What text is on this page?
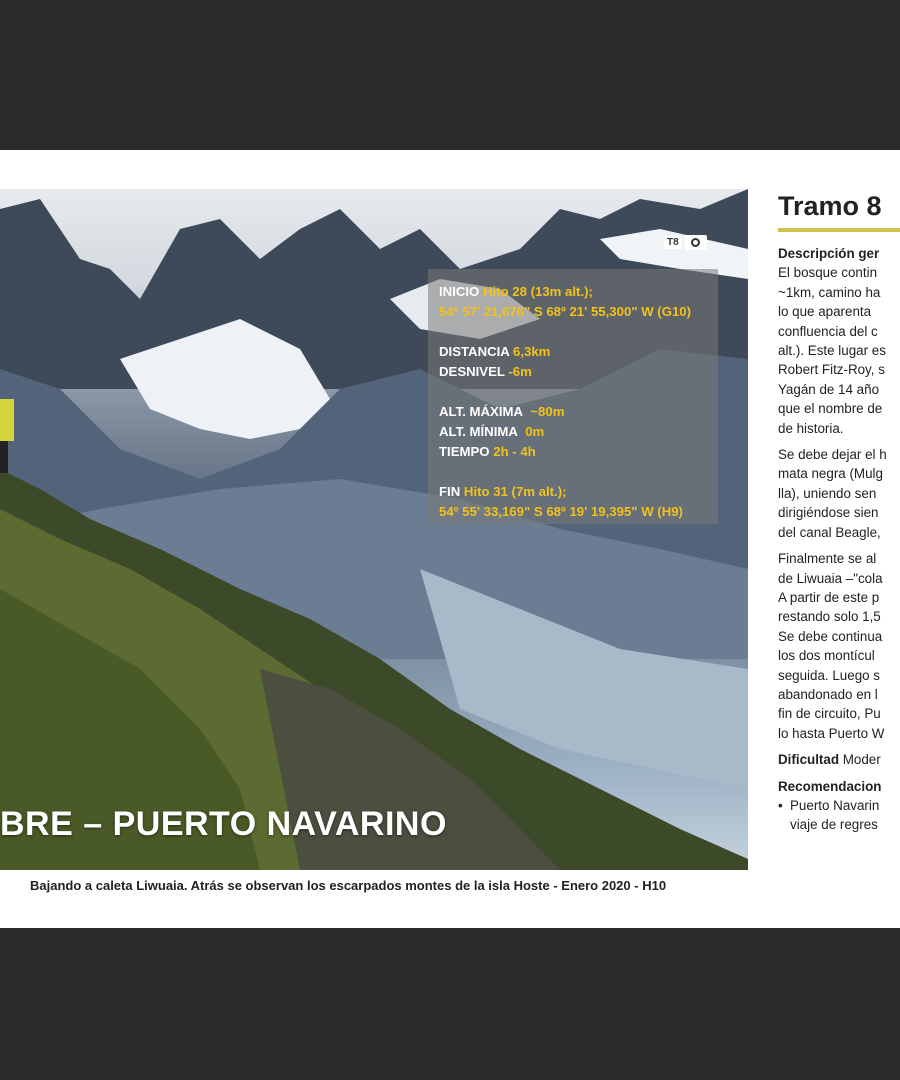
T8
INICIO Hito 28 (13m alt.);
54º 57' 21,676" S 68º 21' 55,300" W (G10)
DISTANCIA 6,3km
DESNIVEL -6m
ALT. MÁXIMA ~80m
ALT. MÍNIMA 0m
TIEMPO 2h - 4h
FIN Hito 31 (7m alt.);
54º 55' 33,169" S 68º 19' 19,395" W (H9)
BRE – PUERTO NAVARINO
Bajando a caleta Liwuaia. Atrás se observan los escarpados montes de la isla Hoste - Enero 2020 - H10
Tramo 8

Descripción ger

El bosque contin

~1km, camino ha

lo que aparenta

confluencia del c

alt.). Este lugar es

Robert Fitz-Roy, s

Yagán de 14 año

que el nombre de

de historia.

Se debe dejar el h

mata negra (Mulg

lla), uniendo sen

dirigiéndose sien

del canal Beagle,

Finalmente se al

de Liwuaia –"cola

A partir de este p

restando solo 1,5

Se debe continua

los dos montícul

seguida. Luego s

abandonado en l

fin de circuito, Pu

lo hasta Puerto W

Dificultad Moder

Recomendacion

• Puerto Navarin

viaje de regres
